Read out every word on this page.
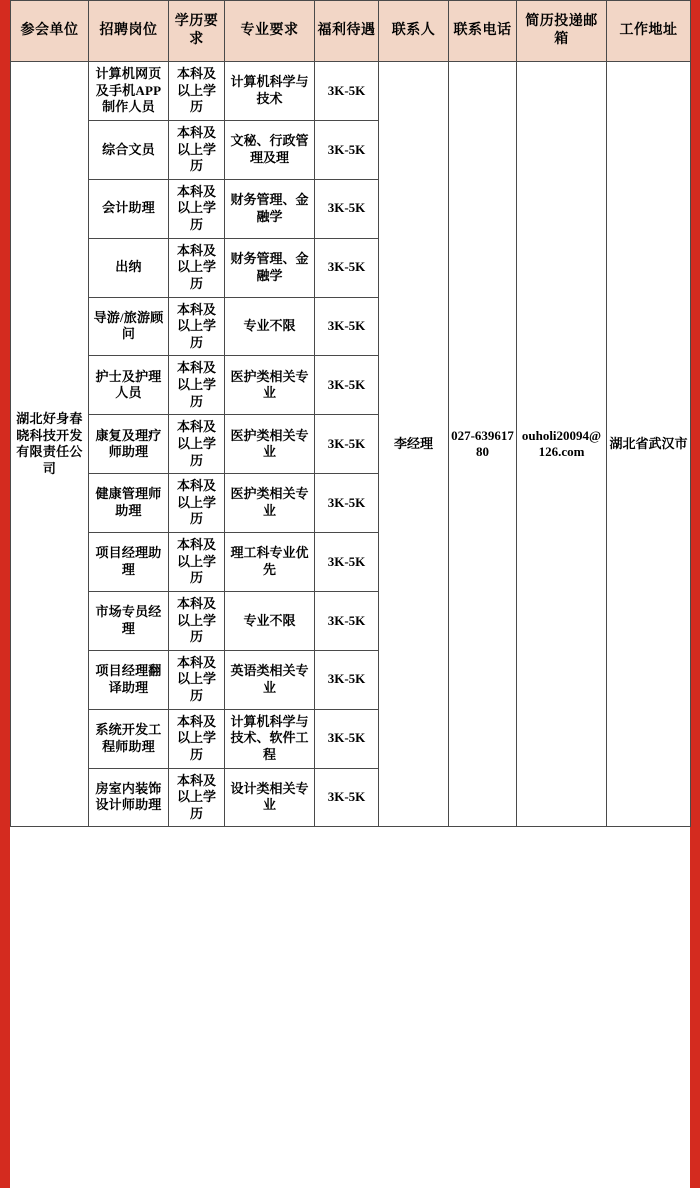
参会单位	招聘岗位	学历要求	专业要求	福利待遇	联系人	联系电话	简历投递邮箱	工作地址
湖北好身春晓科技开发有限责任公司	计算机网页及手机APP制作人员	本科及以上学历	计算机科学与技术	3K-5K	李经理	027-63961780	ouholi20094@126.com	湖北省武汉市
	综合文员	本科及以上学历	文秘、行政管理及理	3K-5K				
	会计助理	本科及以上学历	财务管理、金融学	3K-5K				
	出纳	本科及以上学历	财务管理、金融学	3K-5K				
	导游/旅游顾问	本科及以上学历	专业不限	3K-5K				
	护士及护理人员	本科及以上学历	医护类相关专业	3K-5K				
	康复及理疗师助理	本科及以上学历	医护类相关专业	3K-5K				
	健康管理师助理	本科及以上学历	医护类相关专业	3K-5K				
	项目经理助理	本科及以上学历	理工科专业优先	3K-5K				
	市场专员经理	本科及以上学历	专业不限	3K-5K				
	项目经理翻译助理	本科及以上学历	英语类相关专业	3K-5K				
	系统开发工程师助理	本科及以上学历	计算机科学与技术、软件工程	3K-5K				
	房室内装饰设计师助理	本科及以上学历	设计类相关专业	3K-5K				
